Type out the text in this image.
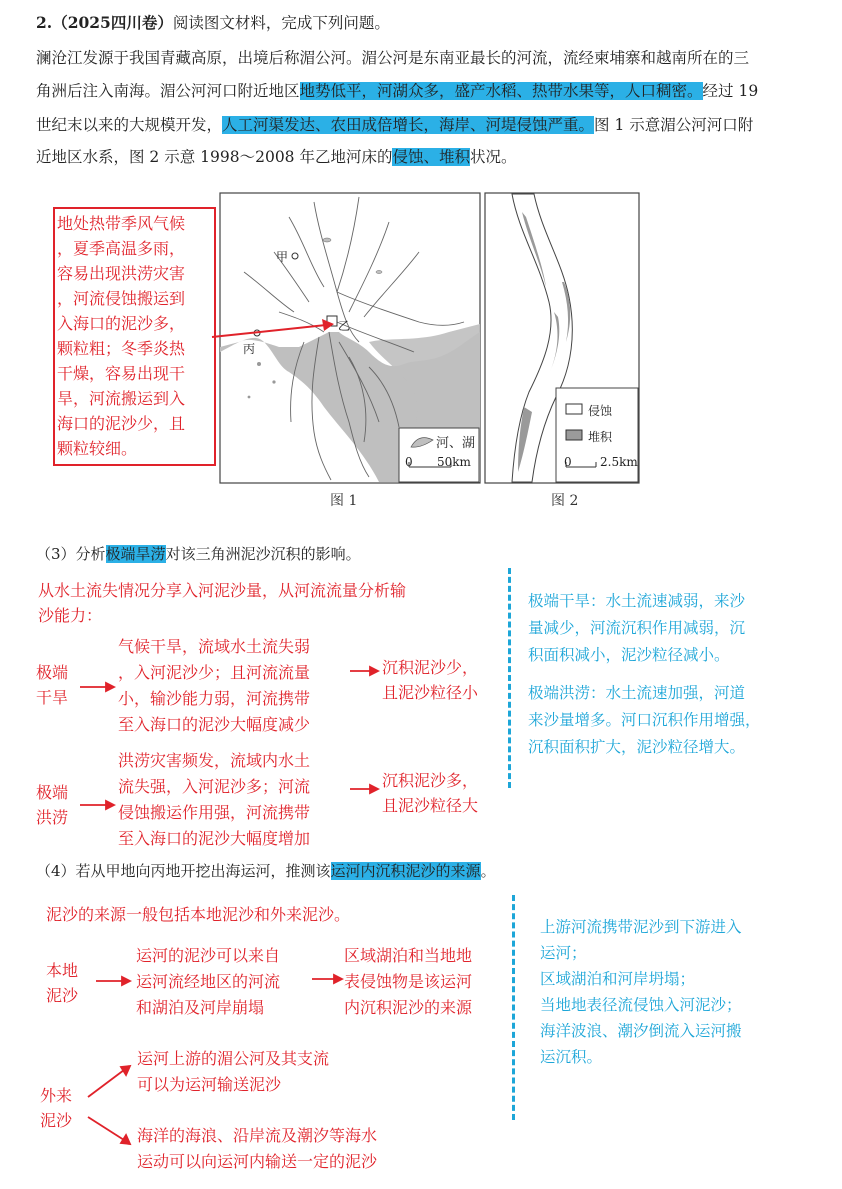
2.（2025四川卷）阅读图文材料，完成下列问题。
澜沧江发源于我国青藏高原，出境后称湄公河。湄公河是东南亚最长的河流，流经柬埔寨和越南所在的三
角洲后注入南海。湄公河河口附近地区地势低平，河湖众多，盛产水稻、热带水果等，人口稠密。经过 19
世纪末以来的大规模开发，人工河渠发达、农田成倍增长，海岸、河堤侵蚀严重。图 1 示意湄公河河口附
近地区水系，图 2 示意 1998～2008 年乙地河床的侵蚀、堆积状况。
地处热带季风气候
，夏季高温多雨，
容易出现洪涝灾害
，河流侵蚀搬运到
入海口的泥沙多，
颗粒粗；冬季炎热
干燥，容易出现干
旱，河流搬运到入
海口的泥沙少，且
颗粒较细。
甲
丙
乙
河、湖
0 50km
图 1
侵蚀
堆积
0 2.5km
图 2
（3）分析极端旱涝对该三角洲泥沙沉积的影响。
从水土流失情况分享入河泥沙量，从河流流量分析输
沙能力：
极端
干旱
气候干旱，流域水土流失弱
，入河泥沙少；且河流流量
小，输沙能力弱，河流携带
至入海口的泥沙大幅度减少
沉积泥沙少，
且泥沙粒径小
极端
洪涝
洪涝灾害频发，流域内水土
流失强，入河泥沙多；河流
侵蚀搬运作用强，河流携带
至入海口的泥沙大幅度增加
沉积泥沙多，
且泥沙粒径大
极端干旱：水土流速减弱，来沙
量减少，河流沉积作用减弱，沉
积面积减小，泥沙粒径减小。
极端洪涝：水土流速加强，河道
来沙量增多。河口沉积作用增强，
沉积面积扩大，泥沙粒径增大。
（4）若从甲地向丙地开挖出海运河，推测该运河内沉积泥沙的来源。
泥沙的来源一般包括本地泥沙和外来泥沙。
本地
泥沙
运河的泥沙可以来自
运河流经地区的河流
和湖泊及河岸崩塌
区域湖泊和当地地
表侵蚀物是该运河
内沉积泥沙的来源
外来
泥沙
运河上游的湄公河及其支流
可以为运河输送泥沙
海洋的海浪、沿岸流及潮汐等海水
运动可以向运河内输送一定的泥沙
上游河流携带泥沙到下游进入
运河；
区域湖泊和河岸坍塌；
当地地表径流侵蚀入河泥沙；
海洋波浪、潮汐倒流入运河搬
运沉积。
